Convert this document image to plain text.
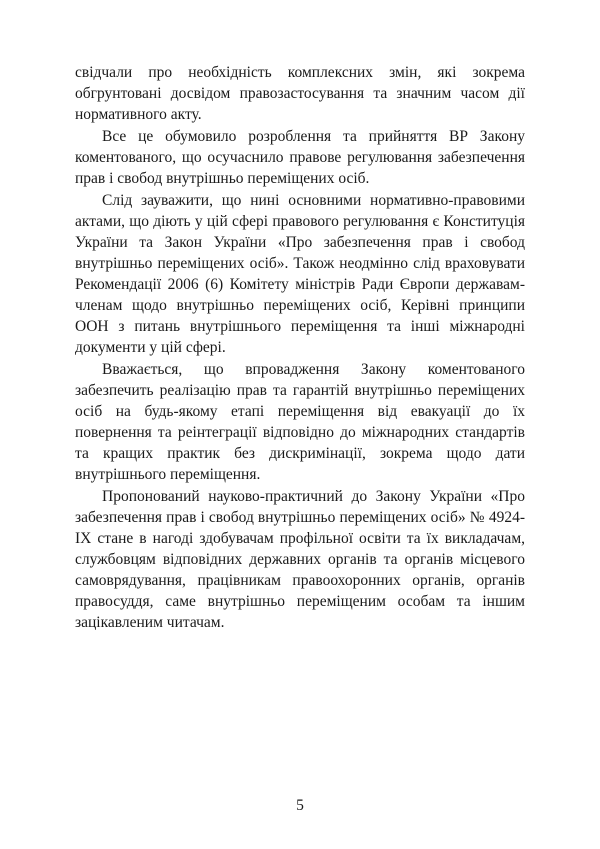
свідчали про необхідність комплексних змін, які зокрема обгрунтовані досвідом правозастосування та значним часом дії нормативного акту.

Все це обумовило розроблення та прийняття ВР Закону коментованого, що осучаснило правове регулювання забезпечення прав і свобод внутрішньо переміщених осіб.

Слід зауважити, що нині основними нормативно-правовими актами, що діють у цій сфері правового регулювання є Конституція України та Закон України «Про забезпечення прав і свобод внутрішньо переміщених осіб». Також неодмінно слід враховувати Рекомендації 2006 (6) Комітету міністрів Ради Європи державам-членам щодо внутрішньо переміщених осіб, Керівні принципи ООН з питань внутрішнього переміщення та інші міжнародні документи у цій сфері.

Вважається, що впровадження Закону коментованого забезпечить реалізацію прав та гарантій внутрішньо переміщених осіб на будь-якому етапі переміщення від евакуації до їх повернення та реінтеграції відповідно до міжнародних стандартів та кращих практик без дискримінації, зокрема щодо дати внутрішнього переміщення.

Пропонований науково-практичний до Закону України «Про забезпечення прав і свобод внутрішньо переміщених осіб» № 4924-IX стане в нагоді здобувачам профільної освіти та їх викладачам, службовцям відповідних державних органів та органів місцевого самоврядування, працівникам правоохоронних органів, органів правосуддя, саме внутрішньо переміщеним особам та іншим зацікавленим читачам.

5
